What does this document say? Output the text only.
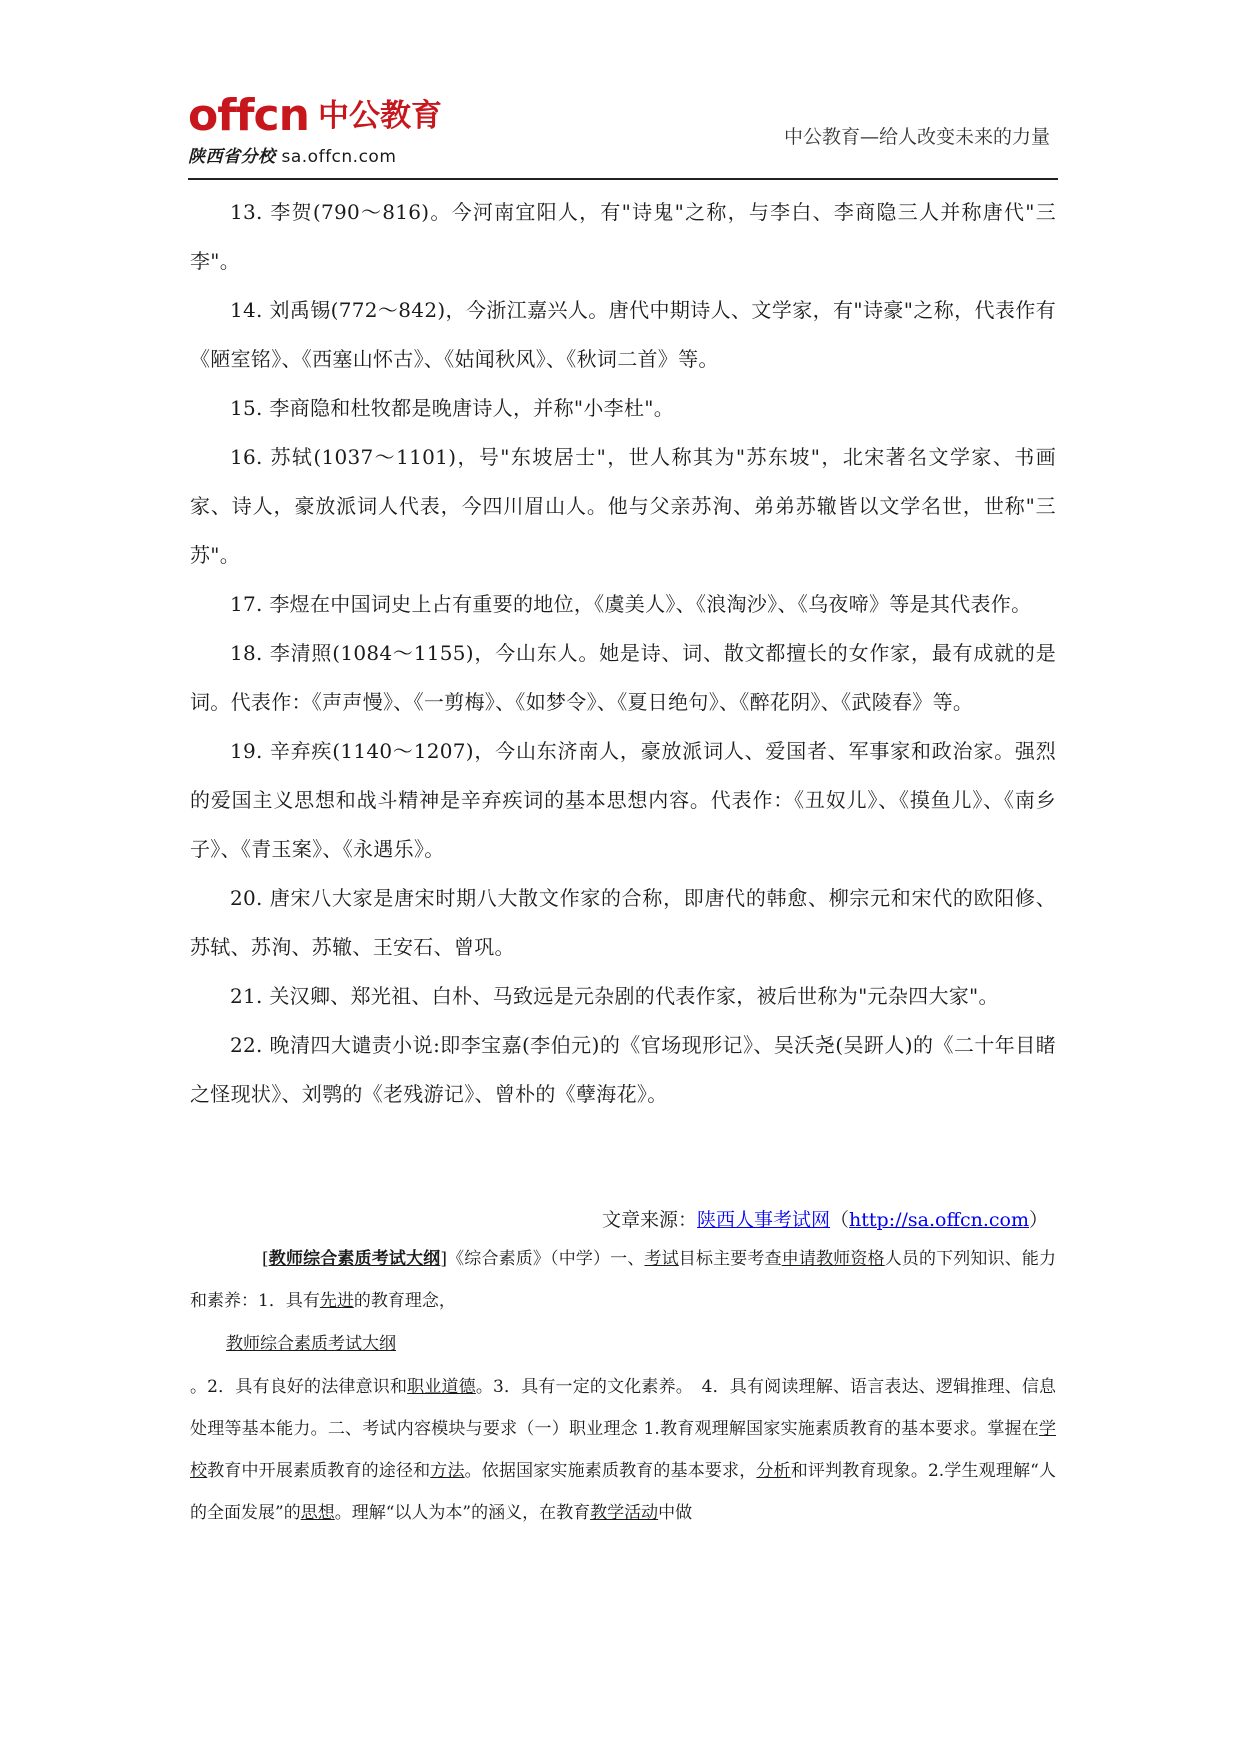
offcn 中公教育
陕西省分校 sa.offcn.com
中公教育—给人改变未来的力量

13. 李贺(790～816)。今河南宜阳人，有"诗鬼"之称，与李白、李商隐三人并称唐代"三李"。

14. 刘禹锡(772～842)，今浙江嘉兴人。唐代中期诗人、文学家，有"诗豪"之称，代表作有《陋室铭》、《西塞山怀古》、《姑闻秋风》、《秋词二首》等。

15. 李商隐和杜牧都是晚唐诗人，并称"小李杜"。

16. 苏轼(1037～1101)，号"东坡居士"，世人称其为"苏东坡"，北宋著名文学家、书画家、诗人，豪放派词人代表，今四川眉山人。他与父亲苏洵、弟弟苏辙皆以文学名世，世称"三苏"。

17. 李煜在中国词史上占有重要的地位，《虞美人》、《浪淘沙》、《乌夜啼》等是其代表作。

18. 李清照(1084～1155)，今山东人。她是诗、词、散文都擅长的女作家，最有成就的是词。代表作：《声声慢》、《一剪梅》、《如梦令》、《夏日绝句》、《醉花阴》、《武陵春》等。

19. 辛弃疾(1140～1207)，今山东济南人，豪放派词人、爱国者、军事家和政治家。强烈的爱国主义思想和战斗精神是辛弃疾词的基本思想内容。代表作：《丑奴儿》、《摸鱼儿》、《南乡子》、《青玉案》、《永遇乐》。

20. 唐宋八大家是唐宋时期八大散文作家的合称，即唐代的韩愈、柳宗元和宋代的欧阳修、苏轼、苏洵、苏辙、王安石、曾巩。

21. 关汉卿、郑光祖、白朴、马致远是元杂剧的代表作家，被后世称为"元杂四大家"。

22. 晚清四大谴责小说:即李宝嘉(李伯元)的《官场现形记》、吴沃尧(吴趼人)的《二十年目睹之怪现状》、刘鹗的《老残游记》、曾朴的《孽海花》。

文章来源：陕西人事考试网（http://sa.offcn.com）

[教师综合素质考试大纲]《综合素质》（中学）一、考试目标主要考查申请教师资格人员的下列知识、能力和素养：1．具有先进的教育理念，

教师综合素质考试大纲

。2．具有良好的法律意识和职业道德。3．具有一定的文化素养。　4．具有阅读理解、语言表达、逻辑推理、信息处理等基本能力。二、考试内容模块与要求（一）职业理念 1.教育观理解国家实施素质教育的基本要求。掌握在学校教育中开展素质教育的途径和方法。依据国家实施素质教育的基本要求，分析和评判教育现象。2.学生观理解“人的全面发展”的思想。理解“以人为本”的涵义，在教育教学活动中做
